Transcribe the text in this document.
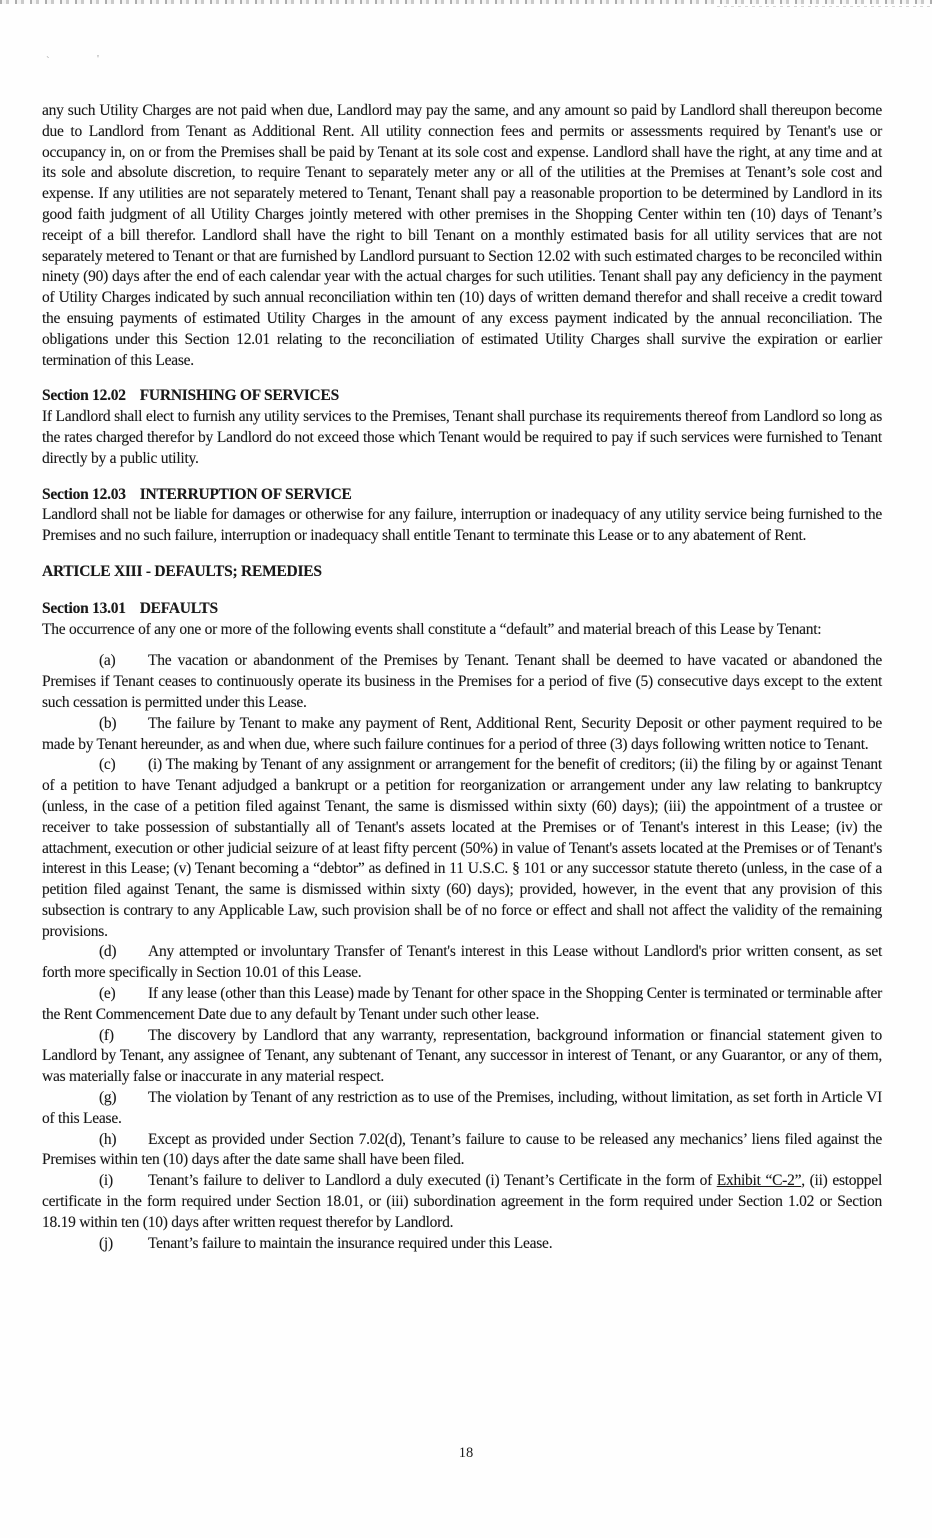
`	'

any such Utility Charges are not paid when due, Landlord may pay the same, and any amount so paid by Landlord shall thereupon become due to Landlord from Tenant as Additional Rent. All utility connection fees and permits or assessments required by Tenant's use or occupancy in, on or from the Premises shall be paid by Tenant at its sole cost and expense. Landlord shall have the right, at any time and at its sole and absolute discretion, to require Tenant to separately meter any or all of the utilities at the Premises at Tenant’s sole cost and expense. If any utilities are not separately metered to Tenant, Tenant shall pay a reasonable proportion to be determined by Landlord in its good faith judgment of all Utility Charges jointly metered with other premises in the Shopping Center within ten (10) days of Tenant’s receipt of a bill therefor. Landlord shall have the right to bill Tenant on a monthly estimated basis for all utility services that are not separately metered to Tenant or that are furnished by Landlord pursuant to Section 12.02 with such estimated charges to be reconciled within ninety (90) days after the end of each calendar year with the actual charges for such utilities. Tenant shall pay any deficiency in the payment of Utility Charges indicated by such annual reconciliation within ten (10) days of written demand therefor and shall receive a credit toward the ensuing payments of estimated Utility Charges in the amount of any excess payment indicated by the annual reconciliation. The obligations under this Section 12.01 relating to the reconciliation of estimated Utility Charges shall survive the expiration or earlier termination of this Lease.

Section 12.02 FURNISHING OF SERVICES

If Landlord shall elect to furnish any utility services to the Premises, Tenant shall purchase its requirements thereof from Landlord so long as the rates charged therefor by Landlord do not exceed those which Tenant would be required to pay if such services were furnished to Tenant directly by a public utility.

Section 12.03 INTERRUPTION OF SERVICE

Landlord shall not be liable for damages or otherwise for any failure, interruption or inadequacy of any utility service being furnished to the Premises and no such failure, interruption or inadequacy shall entitle Tenant to terminate this Lease or to any abatement of Rent.

ARTICLE XIII - DEFAULTS; REMEDIES
Section 13.01 DEFAULTS

The occurrence of any one or more of the following events shall constitute a “default” and material breach of this Lease by Tenant:

(a) The vacation or abandonment of the Premises by Tenant. Tenant shall be deemed to have vacated or abandoned the Premises if Tenant ceases to continuously operate its business in the Premises for a period of five (5) consecutive days except to the extent such cessation is permitted under this Lease.
(b) The failure by Tenant to make any payment of Rent, Additional Rent, Security Deposit or other payment required to be made by Tenant hereunder, as and when due, where such failure continues for a period of three (3) days following written notice to Tenant.
(c) (i) The making by Tenant of any assignment or arrangement for the benefit of creditors; (ii) the filing by or against Tenant of a petition to have Tenant adjudged a bankrupt or a petition for reorganization or arrangement under any law relating to bankruptcy (unless, in the case of a petition filed against Tenant, the same is dismissed within sixty (60) days); (iii) the appointment of a trustee or receiver to take possession of substantially all of Tenant's assets located at the Premises or of Tenant's interest in this Lease; (iv) the attachment, execution or other judicial seizure of at least fifty percent (50%) in value of Tenant's assets located at the Premises or of Tenant's interest in this Lease; (v) Tenant becoming a “debtor” as defined in 11 U.S.C. § 101 or any successor statute thereto (unless, in the case of a petition filed against Tenant, the same is dismissed within sixty (60) days); provided, however, in the event that any provision of this subsection is contrary to any Applicable Law, such provision shall be of no force or effect and shall not affect the validity of the remaining provisions.
(d) Any attempted or involuntary Transfer of Tenant's interest in this Lease without Landlord's prior written consent, as set forth more specifically in Section 10.01 of this Lease.
(e) If any lease (other than this Lease) made by Tenant for other space in the Shopping Center is terminated or terminable after the Rent Commencement Date due to any default by Tenant under such other lease.
(f) The discovery by Landlord that any warranty, representation, background information or financial statement given to Landlord by Tenant, any assignee of Tenant, any subtenant of Tenant, any successor in interest of Tenant, or any Guarantor, or any of them, was materially false or inaccurate in any material respect.
(g) The violation by Tenant of any restriction as to use of the Premises, including, without limitation, as set forth in Article VI of this Lease.
(h) Except as provided under Section 7.02(d), Tenant’s failure to cause to be released any mechanics’ liens filed against the Premises within ten (10) days after the date same shall have been filed.
(i) Tenant’s failure to deliver to Landlord a duly executed (i) Tenant’s Certificate in the form of Exhibit “C-2”, (ii) estoppel certificate in the form required under Section 18.01, or (iii) subordination agreement in the form required under Section 1.02 or Section 18.19 within ten (10) days after written request therefor by Landlord.
(j) Tenant’s failure to maintain the insurance required under this Lease.
18
